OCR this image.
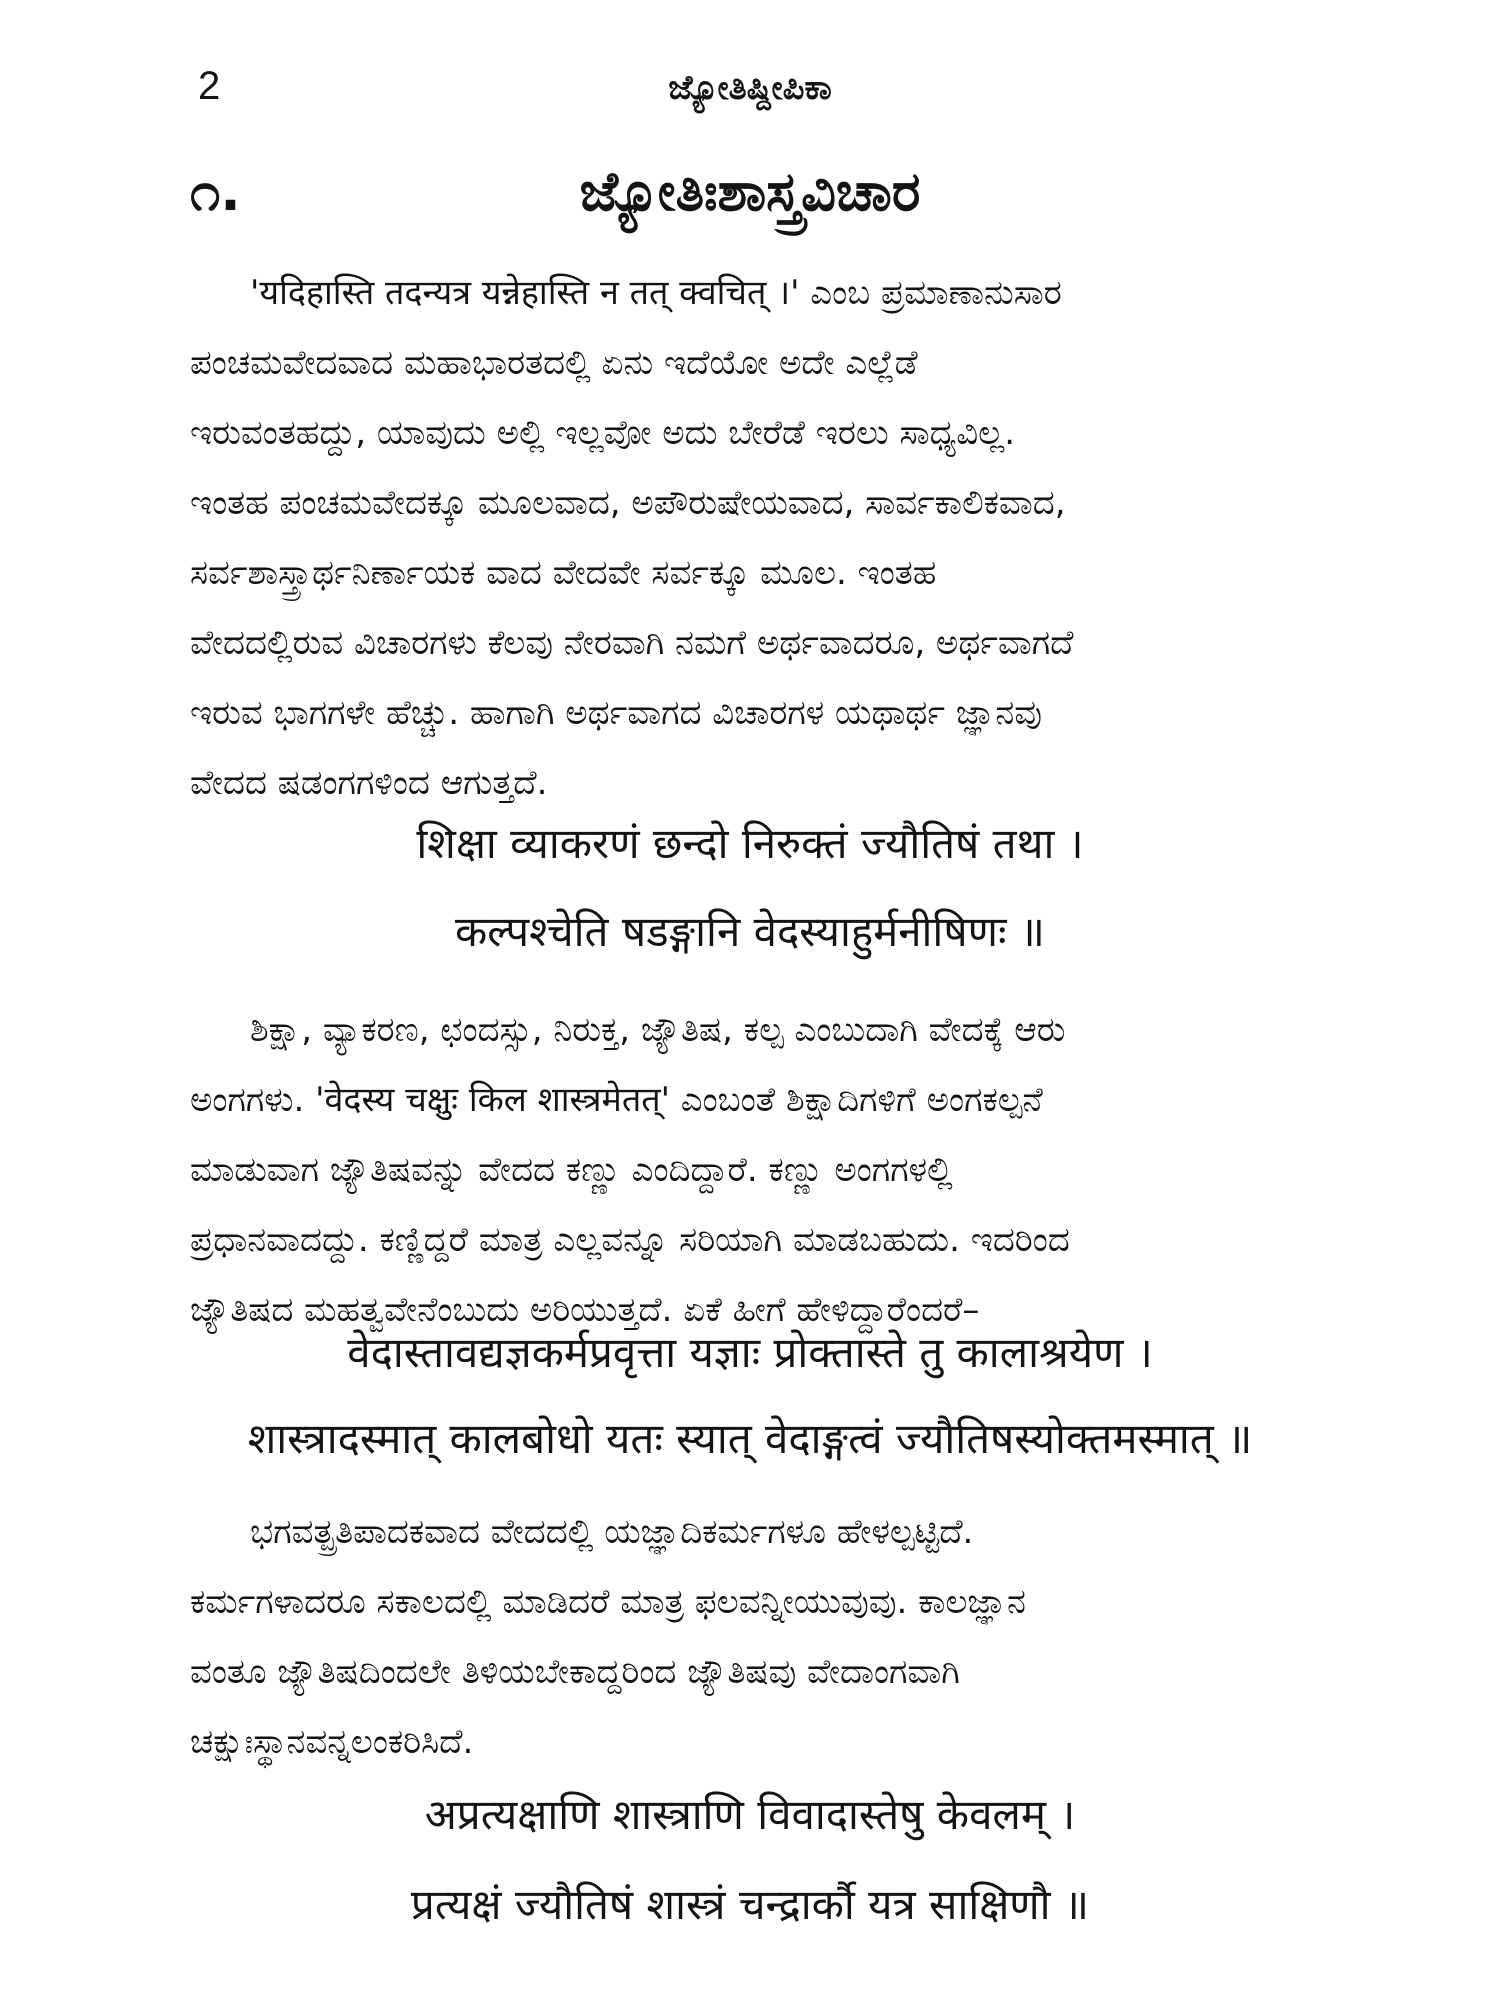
2	ಜ್ಯೋತಿಷ್ದೀಪಿಕಾ
೧.	ಜ್ಯೋತಿಃಶಾಸ್ತ್ರವಿಚಾರ
'यदिहास्ति तदन्यत्र यन्नेहास्ति न तत् क्वचित् ।' ಎಂಬ ಪ್ರಮಾಣಾನುಸಾರ
ಪಂಚಮವೇದವಾದ ಮಹಾಭಾರತದಲ್ಲಿ ಏನು ಇದೆಯೋ ಅದೇ ಎಲ್ಲೆಡೆ
ಇರುವಂತಹದ್ದು, ಯಾವುದು ಅಲ್ಲಿ ಇಲ್ಲವೋ ಅದು ಬೇರೆಡೆ ಇರಲು ಸಾಧ್ಯವಿಲ್ಲ.
ಇಂತಹ ಪಂಚಮವೇದಕ್ಕೂ ಮೂಲವಾದ, ಅಪೌರುಷೇಯವಾದ, ಸಾರ್ವಕಾಲಿಕವಾದ,
ಸರ್ವಶಾಸ್ತ್ರಾರ್ಥನಿರ್ಣಾಯಕ ವಾದ ವೇದವೇ ಸರ್ವಕ್ಕೂ ಮೂಲ. ಇಂತಹ
ವೇದದಲ್ಲಿರುವ ವಿಚಾರಗಳು ಕೆಲವು ನೇರವಾಗಿ ನಮಗೆ ಅರ್ಥವಾದರೂ, ಅರ್ಥವಾಗದೆ
ಇರುವ ಭಾಗಗಳೇ ಹೆಚ್ಚು. ಹಾಗಾಗಿ ಅರ್ಥವಾಗದ ವಿಚಾರಗಳ ಯಥಾರ್ಥ ಜ್ಞಾನವು
ವೇದದ ಷಡಂಗಗಳಿಂದ ಆಗುತ್ತದೆ.
शिक्षा व्याकरणं छन्दो निरुक्तं ज्यौतिषं तथा ।
कल्पश्चेति षडङ्गानि वेदस्याहुर्मनीषिणः ॥
ಶಿಕ್ಷಾ, ವ್ಯಾಕರಣ, ಛಂದಸ್ಸು, ನಿರುಕ್ತ, ಜ್ಯೌತಿಷ, ಕಲ್ಪ ಎಂಬುದಾಗಿ ವೇದಕ್ಕೆ ಆರು
ಅಂಗಗಳು. 'वेदस्य चक्षुः किल शास्त्रमेतत्' ಎಂಬಂತೆ ಶಿಕ್ಷಾದಿಗಳಿಗೆ ಅಂಗಕಲ್ಪನೆ
ಮಾಡುವಾಗ ಜ್ಯೌತಿಷವನ್ನು ವೇದದ ಕಣ್ಣು ಎಂದಿದ್ದಾರೆ. ಕಣ್ಣು ಅಂಗಗಳಲ್ಲಿ
ಪ್ರಧಾನವಾದದ್ದು. ಕಣ್ಣಿದ್ದರೆ ಮಾತ್ರ ಎಲ್ಲವನ್ನೂ ಸರಿಯಾಗಿ ಮಾಡಬಹುದು. ಇದರಿಂದ
ಜ್ಯೌತಿಷದ ಮಹತ್ವವೇನೆಂಬುದು ಅರಿಯುತ್ತದೆ. ಏಕೆ ಹೀಗೆ ಹೇಳಿದ್ದಾರೆಂದರೆ–
वेदास्तावद्यज्ञकर्मप्रवृत्ता यज्ञाः प्रोक्तास्ते तु कालाश्रयेण ।
शास्त्रादस्मात् कालबोधो यतः स्यात् वेदाङ्गत्वं ज्यौतिषस्योक्तमस्मात् ॥
ಭಗವತ್ಪ್ರತಿಪಾದಕವಾದ ವೇದದಲ್ಲಿ ಯಜ್ಞಾದಿಕರ್ಮಗಳೂ ಹೇಳಲ್ಪಟ್ಟಿದೆ.
ಕರ್ಮಗಳಾದರೂ ಸಕಾಲದಲ್ಲಿ ಮಾಡಿದರೆ ಮಾತ್ರ ಫಲವನ್ನೀಯುವುವು. ಕಾಲಜ್ಞಾನ
ವಂತೂ ಜ್ಯೌತಿಷದಿಂದಲೇ ತಿಳಿಯಬೇಕಾದ್ದರಿಂದ ಜ್ಯೌತಿಷವು ವೇದಾಂಗವಾಗಿ
ಚಕ್ಷುಃಸ್ಥಾನವನ್ನಲಂಕರಿಸಿದೆ.
अप्रत्यक्षाणि शास्त्राणि विवादास्तेषु केवलम् ।
प्रत्यक्षं ज्यौतिषं शास्त्रं चन्द्रार्कौ यत्र साक्षिणौ ॥
